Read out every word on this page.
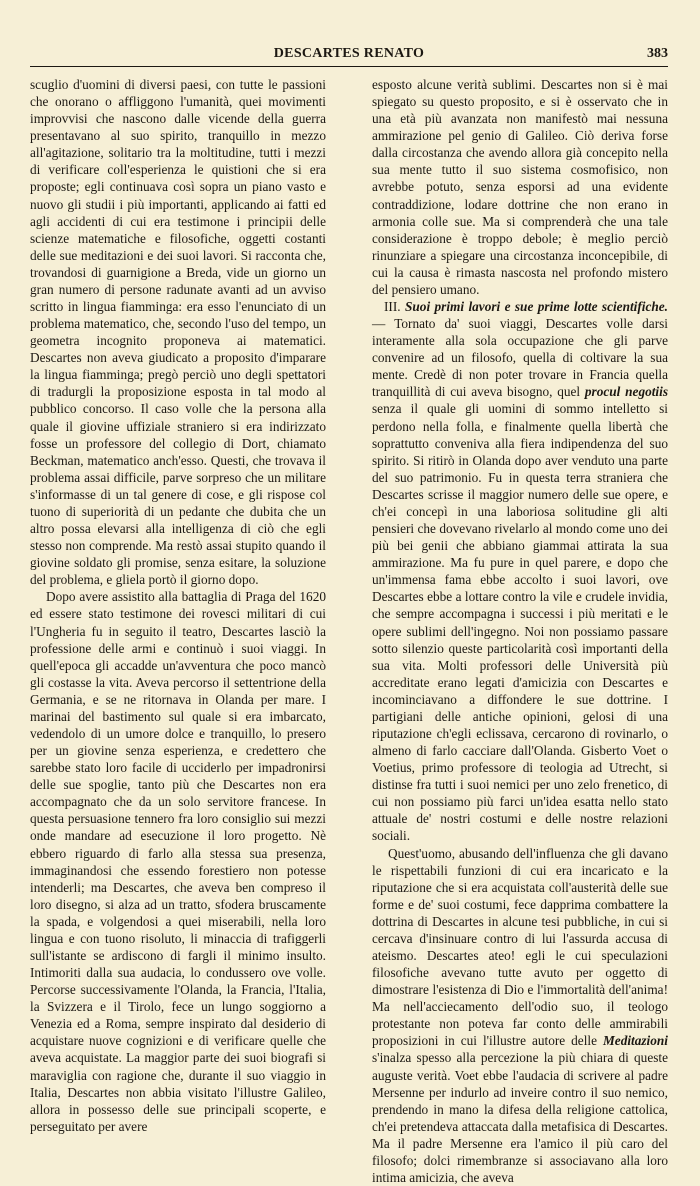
DESCARTES RENATO	383

scuglio d'uomini di diversi paesi, con tutte le passioni che onorano o affliggono l'umanità, quei movimenti improvvisi che nascono dalle vicende della guerra presentavano al suo spirito, tranquillo in mezzo all'agitazione, solitario tra la moltitudine, tutti i mezzi di verificare coll'esperienza le quistioni che si era proposte; egli continuava così sopra un piano vasto e nuovo gli studii i più importanti, applicando ai fatti ed agli accidenti di cui era testimone i principii delle scienze matematiche e filosofiche, oggetti costanti delle sue meditazioni e dei suoi lavori. Si racconta che, trovandosi di guarnigione a Breda, vide un giorno un gran numero di persone radunate avanti ad un avviso scritto in lingua fiamminga: era esso l'enunciato di un problema matematico, che, secondo l'uso del tempo, un geometra incognito proponeva ai matematici. Descartes non aveva giudicato a proposito d'imparare la lingua fiamminga; pregò perciò uno degli spettatori di tradurgli la proposizione esposta in tal modo al pubblico concorso. Il caso volle che la persona alla quale il giovine uffiziale straniero si era indirizzato fosse un professore del collegio di Dort, chiamato Beckman, matematico anch'esso. Questi, che trovava il problema assai difficile, parve sorpreso che un militare s'informasse di un tal genere di cose, e gli rispose col tuono di superiorità di un pedante che dubita che un altro possa elevarsi alla intelligenza di ciò che egli stesso non comprende. Ma restò assai stupito quando il giovine soldato gli promise, senza esitare, la soluzione del problema, e gliela portò il giorno dopo.

Dopo avere assistito alla battaglia di Praga del 1620 ed essere stato testimone dei rovesci militari di cui l'Ungheria fu in seguito il teatro, Descartes lasciò la professione delle armi e continuò i suoi viaggi. In quell'epoca gli accadde un'avventura che poco mancò gli costasse la vita. Aveva percorso il settentrione della Germania, e se ne ritornava in Olanda per mare. I marinai del bastimento sul quale si era imbarcato, vedendolo di un umore dolce e tranquillo, lo presero per un giovine senza esperienza, e credettero che sarebbe stato loro facile di ucciderlo per impadronirsi delle sue spoglie, tanto più che Descartes non era accompagnato che da un solo servitore francese. In questa persuasione tennero fra loro consiglio sui mezzi onde mandare ad esecuzione il loro progetto. Nè ebbero riguardo di farlo alla stessa sua presenza, immaginandosi che essendo forestiero non potesse intenderli; ma Descartes, che aveva ben compreso il loro disegno, si alza ad un tratto, sfodera bruscamente la spada, e volgendosi a quei miserabili, nella loro lingua e con tuono risoluto, li minaccia di trafiggerli sull'istante se ardiscono di fargli il minimo insulto. Intimoriti dalla sua audacia, lo condussero ove volle. Percorse successivamente l'Olanda, la Francia, l'Italia, la Svizzera e il Tirolo, fece un lungo soggiorno a Venezia ed a Roma, sempre inspirato dal desiderio di acquistare nuove cognizioni e di verificare quelle che aveva acquistate. La maggior parte dei suoi biografi si maraviglia con ragione che, durante il suo viaggio in Italia, Descartes non abbia visitato l'illustre Galileo, allora in possesso delle sue principali scoperte, e perseguitato per avere

esposto alcune verità sublimi. Descartes non si è mai spiegato su questo proposito, e si è osservato che in una età più avanzata non manifestò mai nessuna ammirazione pel genio di Galileo. Ciò deriva forse dalla circostanza che avendo allora già concepito nella sua mente tutto il suo sistema cosmofisico, non avrebbe potuto, senza esporsi ad una evidente contraddizione, lodare dottrine che non erano in armonia colle sue. Ma si comprenderà che una tale considerazione è troppo debole; è meglio perciò rinunziare a spiegare una circostanza inconcepibile, di cui la causa è rimasta nascosta nel profondo mistero del pensiero umano.

III. Suoi primi lavori e sue prime lotte scientifiche. — Tornato da' suoi viaggi, Descartes volle darsi interamente alla sola occupazione che gli parve convenire ad un filosofo, quella di coltivare la sua mente. Credè di non poter trovare in Francia quella tranquillità di cui aveva bisogno, quel procul negotiis senza il quale gli uomini di sommo intelletto si perdono nella folla, e finalmente quella libertà che soprattutto conveniva alla fiera indipendenza del suo spirito. Si ritirò in Olanda dopo aver venduto una parte del suo patrimonio. Fu in questa terra straniera che Descartes scrisse il maggior numero delle sue opere, e ch'ei concepì in una laboriosa solitudine gli alti pensieri che dovevano rivelarlo al mondo come uno dei più bei genii che abbiano giammai attirata la sua ammirazione. Ma fu pure in quel parere, e dopo che un'immensa fama ebbe accolto i suoi lavori, ove Descartes ebbe a lottare contro la vile e crudele invidia, che sempre accompagna i successi i più meritati e le opere sublimi dell'ingegno. Noi non possiamo passare sotto silenzio queste particolarità così importanti della sua vita. Molti professori delle Università più accreditate erano legati d'amicizia con Descartes e incominciavano a diffondere le sue dottrine. I partigiani delle antiche opinioni, gelosi di una riputazione ch'egli eclissava, cercarono di rovinarlo, o almeno di farlo cacciare dall'Olanda. Gisberto Voet o Voetius, primo professore di teologia ad Utrecht, si distinse fra tutti i suoi nemici per uno zelo frenetico, di cui non possiamo più farci un'idea esatta nello stato attuale de' nostri costumi e delle nostre relazioni sociali.

Quest'uomo, abusando dell'influenza che gli davano le rispettabili funzioni di cui era incaricato e la riputazione che si era acquistata coll'austerità delle sue forme e de' suoi costumi, fece dapprima combattere la dottrina di Descartes in alcune tesi pubbliche, in cui si cercava d'insinuare contro di lui l'assurda accusa di ateismo. Descartes ateo! egli le cui speculazioni filosofiche avevano tutte avuto per oggetto di dimostrare l'esistenza di Dio e l'immortalità dell'anima! Ma nell'acciecamento dell'odio suo, il teologo protestante non poteva far conto delle ammirabili proposizioni in cui l'illustre autore delle Meditazioni s'inalza spesso alla percezione la più chiara di queste auguste verità. Voet ebbe l'audacia di scrivere al padre Mersenne per indurlo ad inveire contro il suo nemico, prendendo in mano la difesa della religione cattolica, ch'ei pretendeva attaccata dalla metafisica di Descartes. Ma il padre Mersenne era l'amico il più caro del filosofo; dolci rimembranze si associavano alla loro intima amicizia, che aveva
